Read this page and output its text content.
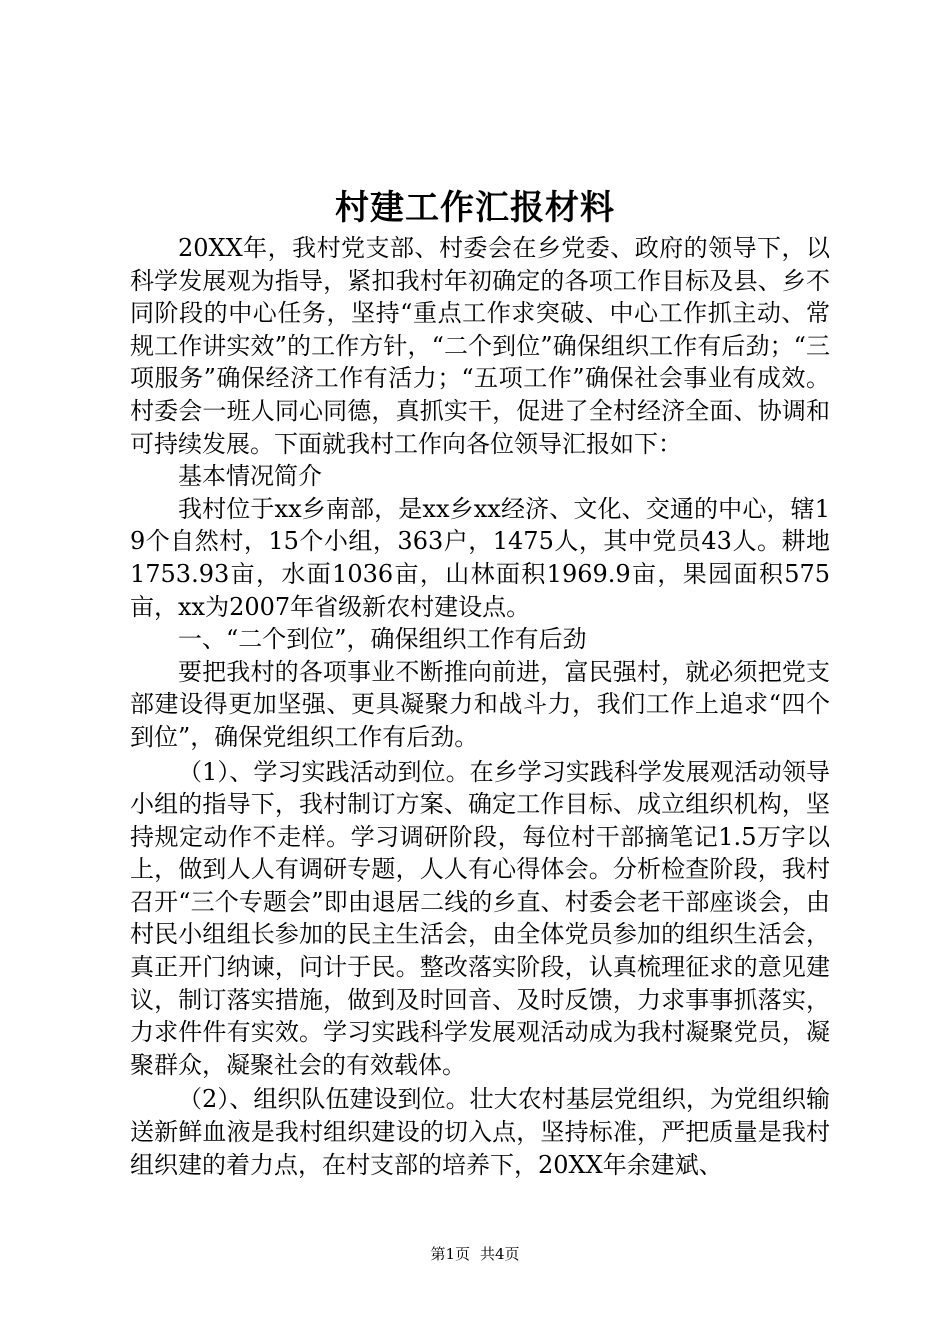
村建工作汇报材料

20XX年，我村党支部、村委会在乡党委、政府的领导下，以科学发展观为指导，紧扣我村年初确定的各项工作目标及县、乡不同阶段的中心任务，坚持“重点工作求突破、中心工作抓主动、常规工作讲实效”的工作方针，“二个到位”确保组织工作有后劲；“三项服务”确保经济工作有活力；“五项工作”确保社会事业有成效。村委会一班人同心同德，真抓实干，促进了全村经济全面、协调和可持续发展。下面就我村工作向各位领导汇报如下：

基本情况简介

我村位于xx乡南部，是xx乡xx经济、文化、交通的中心，辖19个自然村，15个小组，363户，1475人，其中党员43人。耕地1753.93亩，水面1036亩，山林面积1969.9亩，果园面积575亩，xx为2007年省级新农村建设点。

一、“二个到位”，确保组织工作有后劲

要把我村的各项事业不断推向前进，富民强村，就必须把党支部建设得更加坚强、更具凝聚力和战斗力，我们工作上追求“四个到位”，确保党组织工作有后劲。

（1）、学习实践活动到位。在乡学习实践科学发展观活动领导小组的指导下，我村制订方案、确定工作目标、成立组织机构，坚持规定动作不走样。学习调研阶段，每位村干部摘笔记1.5万字以上，做到人人有调研专题，人人有心得体会。分析检查阶段，我村召开“三个专题会”即由退居二线的乡直、村委会老干部座谈会，由村民小组组长参加的民主生活会，由全体党员参加的组织生活会，真正开门纳谏，问计于民。整改落实阶段，认真梳理征求的意见建议，制订落实措施，做到及时回音、及时反馈，力求事事抓落实，力求件件有实效。学习实践科学发展观活动成为我村凝聚党员，凝聚群众，凝聚社会的有效载体。

（2）、组织队伍建设到位。壮大农村基层党组织，为党组织输送新鲜血液是我村组织建设的切入点，坚持标准，严把质量是我村组织建的着力点，在村支部的培养下，20XX年余建斌、

第1页 共4页
